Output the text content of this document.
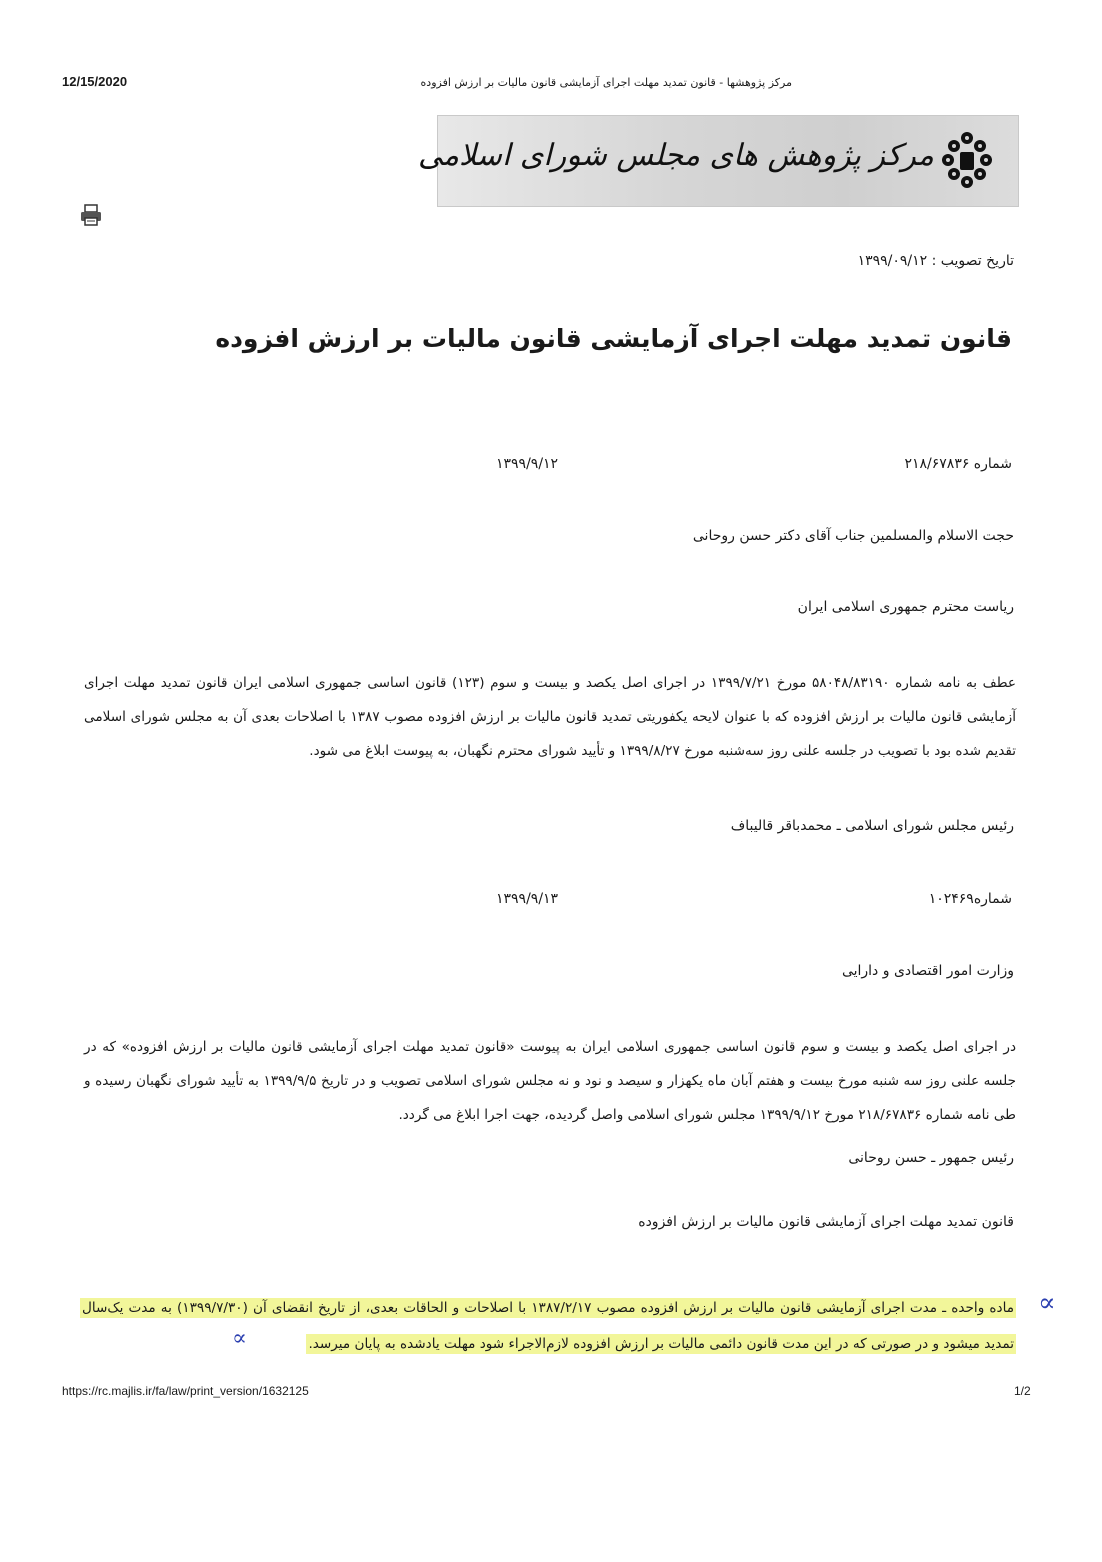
12/15/2020	مرکز پژوهشها - قانون تمدید مهلت اجرای آزمایشی قانون مالیات بر ارزش افزوده
مرکز پژوهش های مجلس شورای اسلامی
تاریخ تصویب : ۱۳۹۹/۰۹/۱۲
قانون تمدید مهلت اجرای آزمایشی قانون مالیات بر ارزش افزوده
شماره ۲۱۸/۶۷۸۳۶
۱۳۹۹/۹/۱۲
حجت الاسلام والمسلمین جناب آقای دکتر حسن روحانی
ریاست محترم جمهوری اسلامی ایران
عطف به نامه شماره ۵۸۰۴۸/۸۳۱۹۰ مورخ ۱۳۹۹/۷/۲۱ در اجرای اصل یکصد و بیست و سوم (۱۲۳) قانون اساسی جمهوری اسلامی ایران قانون تمدید مهلت اجرای آزمایشی قانون مالیات بر ارزش افزوده که با عنوان لایحه یکفوریتی تمدید قانون مالیات بر ارزش افزوده مصوب ۱۳۸۷ با اصلاحات بعدی آن به مجلس شورای اسلامی تقدیم شده بود با تصویب در جلسه علنی روز سه‌شنبه مورخ ۱۳۹۹/۸/۲۷ و تأیید شورای محترم نگهبان، به پیوست ابلاغ می شود.
رئیس مجلس شورای اسلامی ـ محمدباقر قالیباف
شماره۱۰۲۴۶۹
۱۳۹۹/۹/۱۳
وزارت امور اقتصادی و دارایی
در اجرای اصل یکصد و بیست و سوم قانون اساسی جمهوری اسلامی ایران به پیوست «قانون تمدید مهلت اجرای آزمایشی قانون مالیات بر ارزش افزوده» که در جلسه علنی روز سه شنبه مورخ بیست و هفتم آبان ماه یکهزار و سیصد و نود و نه مجلس شورای اسلامی تصویب و در تاریخ ۱۳۹۹/۹/۵ به تأیید شورای نگهبان رسیده و طی نامه شماره ۲۱۸/۶۷۸۳۶ مورخ ۱۳۹۹/۹/۱۲ مجلس شورای اسلامی واصل گردیده، جهت اجرا ابلاغ می گردد.
رئیس جمهور ـ حسن روحانی
قانون تمدید مهلت اجرای آزمایشی قانون مالیات بر ارزش افزوده
ماده واحده ـ مدت اجرای آزمایشی قانون مالیات بر ارزش افزوده مصوب ۱۳۸۷/۲/۱۷ با اصلاحات و الحاقات بعدی، از تاریخ انقضای آن (۱۳۹۹/۷/۳۰) به مدت یک‌سال تمدید میشود و در صورتی که در این مدت قانون دائمی مالیات بر ارزش افزوده لازم‌الاجراء شود مهلت یادشده به پایان میرسد.
∝
∝
https://rc.majlis.ir/fa/law/print_version/1632125	1/2
